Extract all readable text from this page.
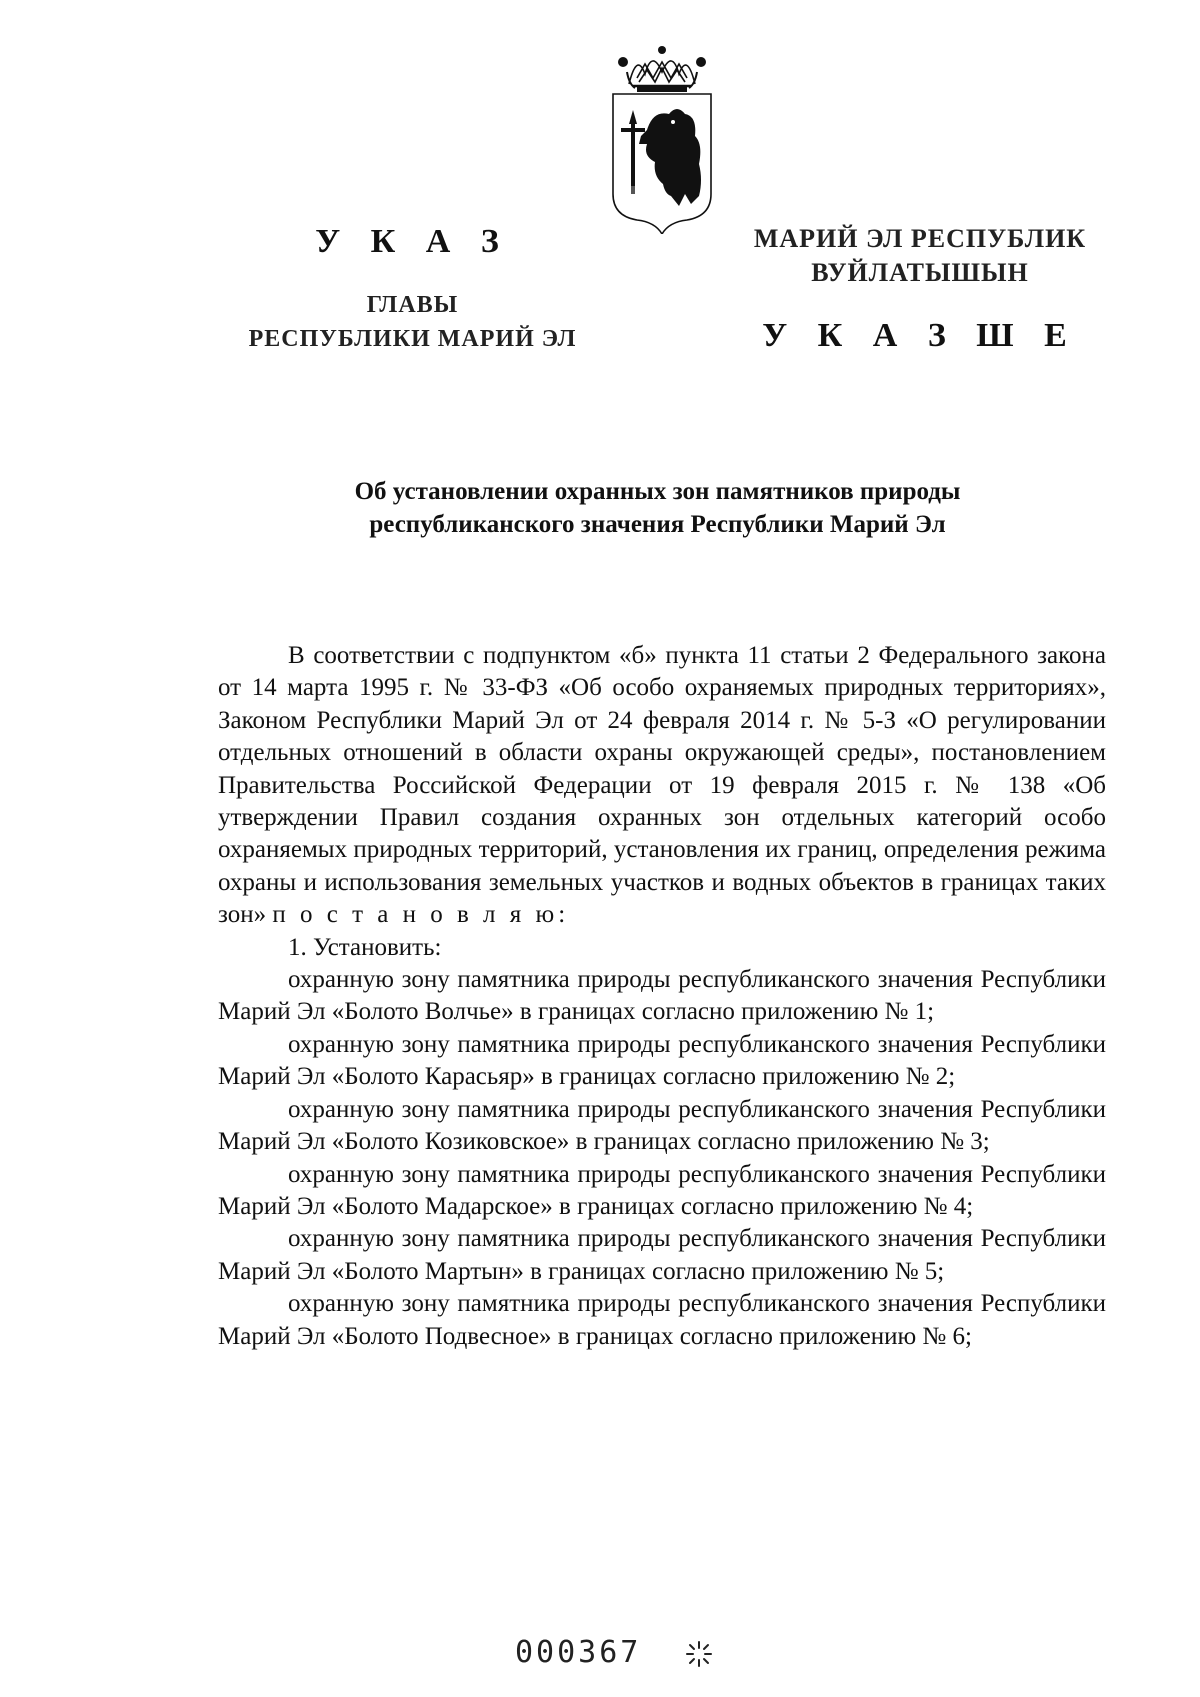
У К А З

ГЛАВЫ

РЕСПУБЛИКИ МАРИЙ ЭЛ

МАРИЙ ЭЛ РЕСПУБЛИК

ВУЙЛАТЫШЫН

У К А З Ш Е

Об установлении охранных зон памятников природы
республиканского значения Республики Марий Эл

В соответствии с подпунктом «б» пункта 11 статьи 2 Федерального закона от 14 марта 1995 г. № 33-ФЗ «Об особо охраняемых природных территориях», Законом Республики Марий Эл от 24 февраля 2014 г. № 5-З «О регулировании отдельных отношений в области охраны окружающей среды», постановлением Правительства Российской Федерации от 19 февраля 2015 г. № 138 «Об утверждении Правил создания охранных зон отдельных категорий особо охраняемых природных территорий, установления их границ, определения режима охраны и использования земельных участков и водных объектов в границах таких зон» п о с т а н о в л я ю:

1. Установить:

охранную зону памятника природы республиканского значения Республики Марий Эл «Болото Волчье» в границах согласно приложению № 1;

охранную зону памятника природы республиканского значения Республики Марий Эл «Болото Карасьяр» в границах согласно приложению № 2;

охранную зону памятника природы республиканского значения Республики Марий Эл «Болото Козиковское» в границах согласно приложению № 3;

охранную зону памятника природы республиканского значения Республики Марий Эл «Болото Мадарское» в границах согласно приложению № 4;

охранную зону памятника природы республиканского значения Республики Марий Эл «Болото Мартын» в границах согласно приложению № 5;

охранную зону памятника природы республиканского значения Республики Марий Эл «Болото Подвесное» в границах согласно приложению № 6;

000367
